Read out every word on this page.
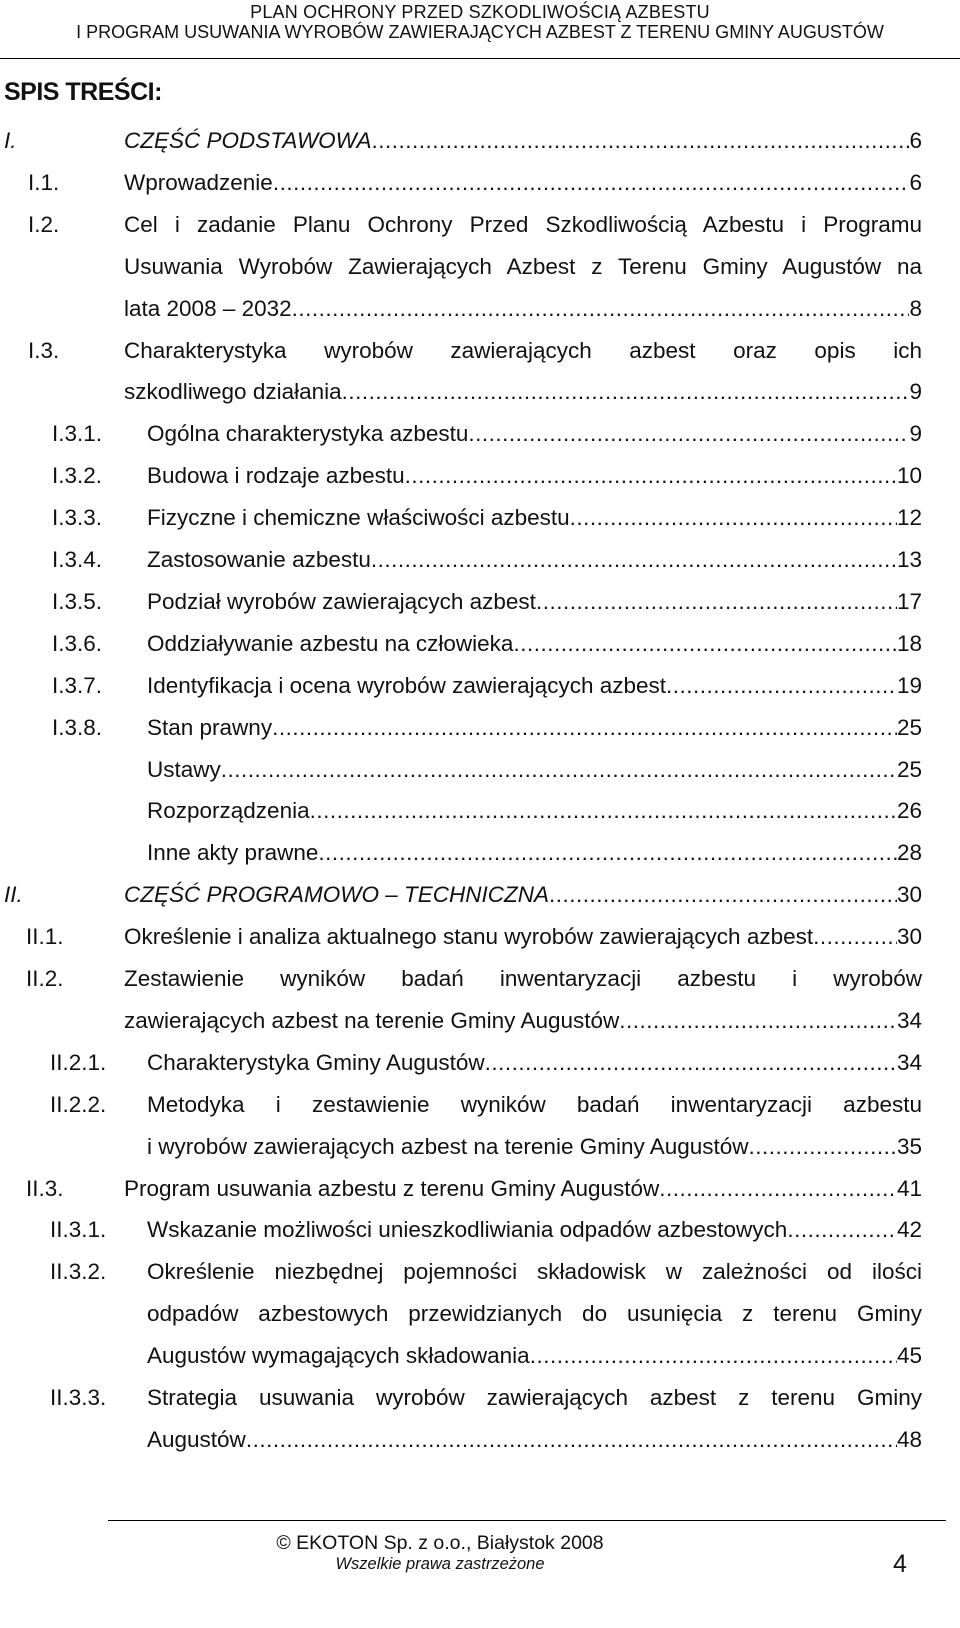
PLAN OCHRONY PRZED SZKODLIWOŚCIĄ AZBESTU
I PROGRAM USUWANIA WYROBÓW ZAWIERAJĄCYCH AZBEST Z TERENU GMINY AUGUSTÓW
SPIS TREŚCI:
I.	CZĘŚĆ PODSTAWOWA .....	6
I.1.	Wprowadzenie .....	6
I.2.	Cel i zadanie Planu Ochrony Przed Szkodliwością Azbestu i Programu
Usuwania Wyrobów Zawierających Azbest z Terenu Gminy Augustów na
lata 2008 – 2032 .....	8
I.3.	Charakterystyka wyrobów zawierających azbest oraz opis ich
szkodliwego działania .....	9
I.3.1. Ogólna charakterystyka azbestu .....	9
I.3.2. Budowa i rodzaje azbestu .....	10
I.3.3. Fizyczne i chemiczne właściwości azbestu .....	12
I.3.4. Zastosowanie azbestu .....	13
I.3.5. Podział wyrobów zawierających azbest .....	17
I.3.6. Oddziaływanie azbestu na człowieka .....	18
I.3.7. Identyfikacja i ocena wyrobów zawierających azbest .....	19
I.3.8. Stan prawny .....	25
Ustawy .....	25
Rozporządzenia .....	26
Inne akty prawne .....	28
II.	CZĘŚĆ PROGRAMOWO – TECHNICZNA .....	30
II.1.	Określenie i analiza aktualnego stanu wyrobów zawierających azbest .....	30
II.2.	Zestawienie wyników badań inwentaryzacji azbestu i wyrobów
zawierających azbest na terenie Gminy Augustów .....	34
II.2.1. Charakterystyka Gminy Augustów .....	34
II.2.2. Metodyka i zestawienie wyników badań inwentaryzacji azbestu
i wyrobów zawierających azbest na terenie Gminy Augustów .....	35
II.3.	Program usuwania azbestu z terenu Gminy Augustów .....	41
II.3.1. Wskazanie możliwości unieszkodliwiania odpadów azbestowych .....	42
II.3.2. Określenie niezbędnej pojemności składowisk w zależności od ilości
odpadów azbestowych przewidzianych do usunięcia z terenu Gminy
Augustów wymagających składowania .....	45
II.3.3. Strategia usuwania wyrobów zawierających azbest z terenu Gminy
Augustów .....	48
© EKOTON Sp. z o.o., Białystok 2008
Wszelkie prawa zastrzeżone	4
